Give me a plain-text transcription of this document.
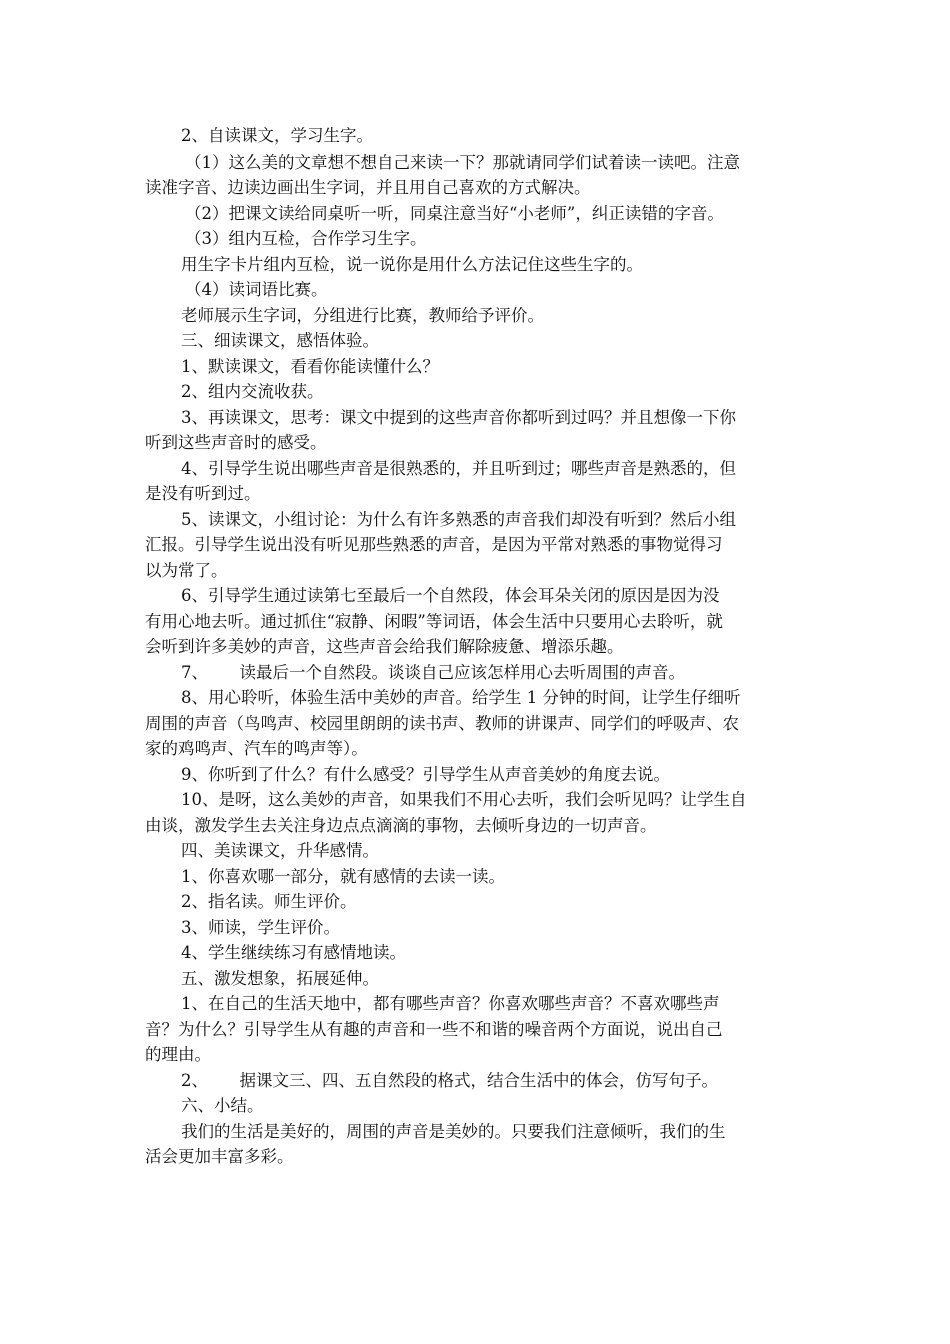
2、自读课文，学习生字。
（1）这么美的文章想不想自己来读一下？那就请同学们试着读一读吧。注意
读准字音、边读边画出生字词，并且用自己喜欢的方式解决。
（2）把课文读给同桌听一听，同桌注意当好“小老师”，纠正读错的字音。
（3）组内互检，合作学习生字。
用生字卡片组内互检，说一说你是用什么方法记住这些生字的。
（4）读词语比赛。
老师展示生字词，分组进行比赛，教师给予评价。
三、细读课文，感悟体验。
1、默读课文，看看你能读懂什么？
2、组内交流收获。
3、再读课文，思考：课文中提到的这些声音你都听到过吗？并且想像一下你
听到这些声音时的感受。
4、引导学生说出哪些声音是很熟悉的，并且听到过；哪些声音是熟悉的，但
是没有听到过。
5、读课文，小组讨论：为什么有许多熟悉的声音我们却没有听到？然后小组
汇报。引导学生说出没有听见那些熟悉的声音，是因为平常对熟悉的事物觉得习
以为常了。
6、引导学生通过读第七至最后一个自然段，体会耳朵关闭的原因是因为没
有用心地去听。通过抓住“寂静、闲暇”等词语，体会生活中只要用心去聆听，就
会听到许多美妙的声音，这些声音会给我们解除疲惫、增添乐趣。
7、      读最后一个自然段。谈谈自己应该怎样用心去听周围的声音。
8、用心聆听，体验生活中美妙的声音。给学生 1 分钟的时间，让学生仔细听
周围的声音（鸟鸣声、校园里朗朗的读书声、教师的讲课声、同学们的呼吸声、农
家的鸡鸣声、汽车的鸣声等）。
9、你听到了什么？有什么感受？引导学生从声音美妙的角度去说。
10、是呀，这么美妙的声音，如果我们不用心去听，我们会听见吗？让学生自
由谈，激发学生去关注身边点点滴滴的事物，去倾听身边的一切声音。
四、美读课文，升华感情。
1、你喜欢哪一部分，就有感情的去读一读。
2、指名读。师生评价。
3、师读，学生评价。
4、学生继续练习有感情地读。
五、激发想象，拓展延伸。
1、在自己的生活天地中，都有哪些声音？你喜欢哪些声音？不喜欢哪些声
音？为什么？引导学生从有趣的声音和一些不和谐的噪音两个方面说，说出自己
的理由。
2、      据课文三、四、五自然段的格式，结合生活中的体会，仿写句子。
六、小结。
我们的生活是美好的，周围的声音是美妙的。只要我们注意倾听，我们的生
活会更加丰富多彩。
